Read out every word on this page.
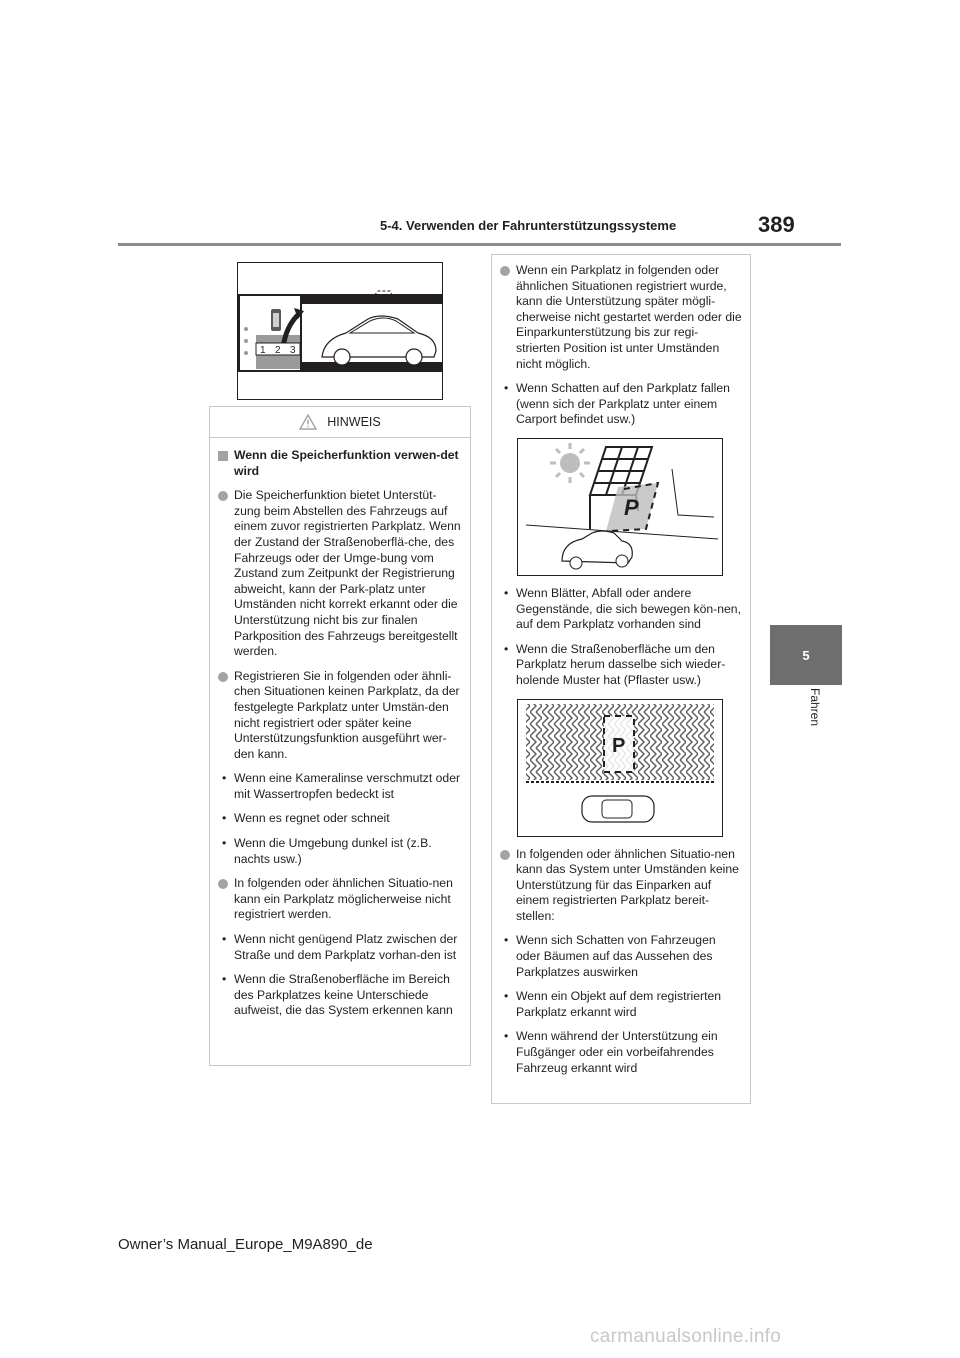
5-4. Verwenden der Fahrunterstützungssysteme	389
5
Fahren
1 2 3
HINWEIS
Wenn die Speicherfunktion verwen-det wird
Die Speicherfunktion bietet Unterstüt-zung beim Abstellen des Fahrzeugs auf einem zuvor registrierten Parkplatz. Wenn der Zustand der Straßenoberflä-che, des Fahrzeugs oder der Umge-bung vom Zustand zum Zeitpunkt der Registrierung abweicht, kann der Park-platz unter Umständen nicht korrekt erkannt oder die Unterstützung nicht bis zur finalen Parkposition des Fahrzeugs bereitgestellt werden.
Registrieren Sie in folgenden oder ähnli-chen Situationen keinen Parkplatz, da der festgelegte Parkplatz unter Umstän-den nicht registriert oder später keine Unterstützungsfunktion ausgeführt wer-den kann.
• Wenn eine Kameralinse verschmutzt oder mit Wassertropfen bedeckt ist
• Wenn es regnet oder schneit
• Wenn die Umgebung dunkel ist (z.B. nachts usw.)
In folgenden oder ähnlichen Situatio-nen kann ein Parkplatz möglicherweise nicht registriert werden.
• Wenn nicht genügend Platz zwischen der Straße und dem Parkplatz vorhan-den ist
• Wenn die Straßenoberfläche im Bereich des Parkplatzes keine Unterschiede aufweist, die das System erkennen kann
Wenn ein Parkplatz in folgenden oder ähnlichen Situationen registriert wurde, kann die Unterstützung später mögli-cherweise nicht gestartet werden oder die Einparkunterstützung bis zur regi-strierten Position ist unter Umständen nicht möglich.
• Wenn Schatten auf den Parkplatz fallen (wenn sich der Parkplatz unter einem Carport befindet usw.)
P
• Wenn Blätter, Abfall oder andere Gegenstände, die sich bewegen kön-nen, auf dem Parkplatz vorhanden sind
• Wenn die Straßenoberfläche um den Parkplatz herum dasselbe sich wieder-holende Muster hat (Pflaster usw.)
P
In folgenden oder ähnlichen Situatio-nen kann das System unter Umständen keine Unterstützung für das Einparken auf einem registrierten Parkplatz bereit-stellen:
• Wenn sich Schatten von Fahrzeugen oder Bäumen auf das Aussehen des Parkplatzes auswirken
• Wenn ein Objekt auf dem registrierten Parkplatz erkannt wird
• Wenn während der Unterstützung ein Fußgänger oder ein vorbeifahrendes Fahrzeug erkannt wird
Owner’s Manual_Europe_M9A890_de
carmanualsonline.info
